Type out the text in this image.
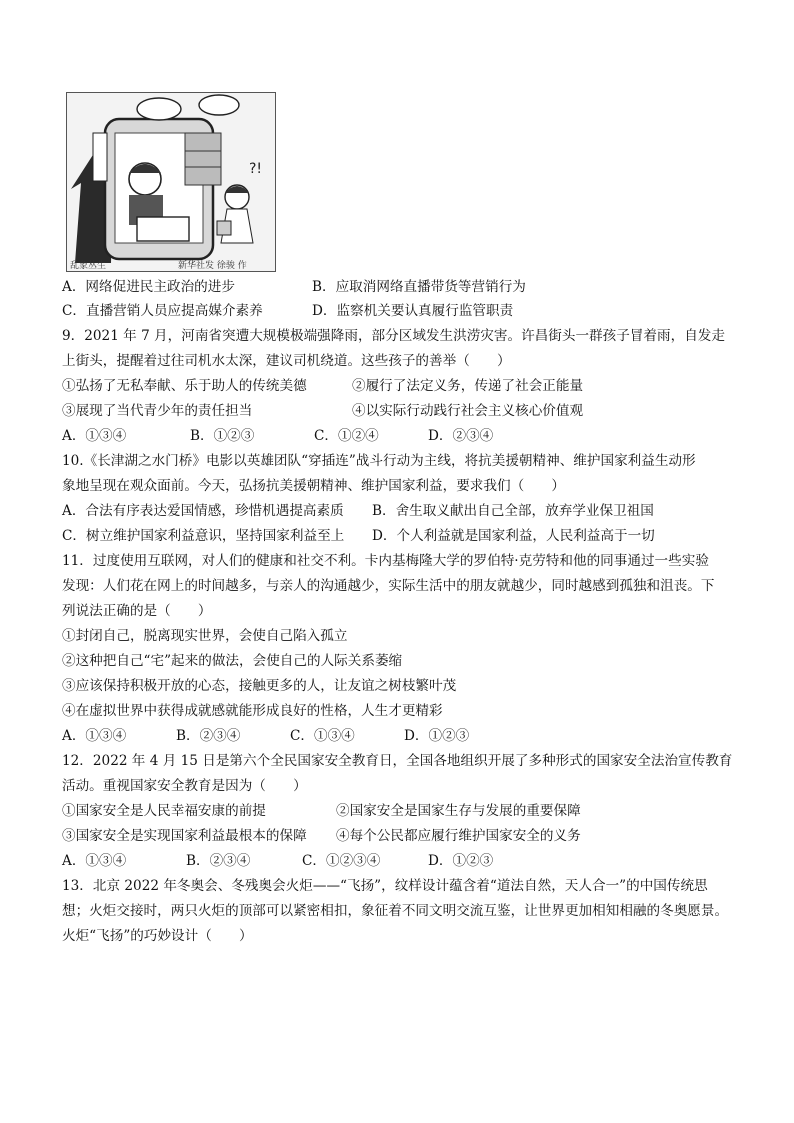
?!
乱象丛生	新华社发 徐骏 作
A．网络促进民主政治的进步	B．应取消网络直播带货等营销行为
C．直播营销人员应提高媒介素养	D．监察机关要认真履行监管职责
9．2021 年 7 月，河南省突遭大规模极端强降雨，部分区域发生洪涝灾害。许昌街头一群孩子冒着雨，自发走
上街头，提醒着过往司机水太深，建议司机绕道。这些孩子的善举（　　）
①弘扬了无私奉献、乐于助人的传统美德	②履行了法定义务，传递了社会正能量
③展现了当代青少年的责任担当	④以实际行动践行社会主义核心价值观
A．①③④	B．①②③	C．①②④	D．②③④
10.《长津湖之水门桥》电影以英雄团队“穿插连”战斗行动为主线，将抗美援朝精神、维护国家利益生动形
象地呈现在观众面前。今天，弘扬抗美援朝精神、维护国家利益，要求我们（　　）
A．合法有序表达爱国情感，珍惜机遇提高素质 B．舍生取义献出自己全部，放弃学业保卫祖国
C．树立维护国家利益意识，坚持国家利益至上 D．个人利益就是国家利益，人民利益高于一切
11．过度使用互联网，对人们的健康和社交不利。卡内基梅隆大学的罗伯特·克劳特和他的同事通过一些实验
发现：人们花在网上的时间越多，与亲人的沟通越少，实际生活中的朋友就越少，同时越感到孤独和沮丧。下
列说法正确的是（　　）
①封闭自己，脱离现实世界，会使自己陷入孤立
②这种把自己“宅”起来的做法，会使自己的人际关系萎缩
③应该保持积极开放的心态，接触更多的人，让友谊之树枝繁叶茂
④在虚拟世界中获得成就感就能形成良好的性格，人生才更精彩
A．①③④	B．②③④	C．①③④	D．①②③
12．2022 年 4 月 15 日是第六个全民国家安全教育日，全国各地组织开展了多种形式的国家安全法治宣传教育
活动。重视国家安全教育是因为（　　）
①国家安全是人民幸福安康的前提	②国家安全是国家生存与发展的重要保障
③国家安全是实现国家利益最根本的保障 ④每个公民都应履行维护国家安全的义务
A．①③④	B．②③④	C．①②③④	D．①②③
13．北京 2022 年冬奥会、冬残奥会火炬——“飞扬”，纹样设计蕴含着“道法自然，天人合一”的中国传统思
想；火炬交接时，两只火炬的顶部可以紧密相扣，象征着不同文明交流互鉴，让世界更加相知相融的冬奥愿景。
火炬“飞扬”的巧妙设计（　　）
